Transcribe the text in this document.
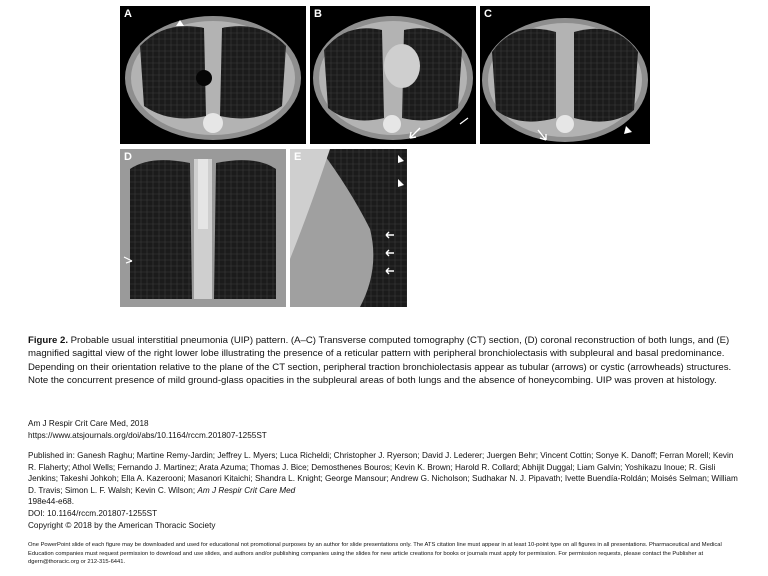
A	B	C
D	E
Figure 2. Probable usual interstitial pneumonia (UIP) pattern. (A–C) Transverse computed tomography (CT) section, (D) coronal reconstruction of both lungs, and (E) magnified sagittal view of the right lower lobe illustrating the presence of a reticular pattern with peripheral bronchiolectasis with subpleural and basal predominance. Depending on their orientation relative to the plane of the CT section, peripheral traction bronchiolectasis appear as tubular (arrows) or cystic (arrowheads) structures. Note the concurrent presence of mild ground-glass opacities in the subpleural areas of both lungs and the absence of honeycombing. UIP was proven at histology.
Am J Respir Crit Care Med, 2018
https://www.atsjournals.org/doi/abs/10.1164/rccm.201807-1255ST
Published in: Ganesh Raghu; Martine Remy-Jardin; Jeffrey L. Myers; Luca Richeldi; Christopher J. Ryerson; David J. Lederer; Juergen Behr; Vincent Cottin; Sonye K. Danoff; Ferran Morell; Kevin R. Flaherty; Athol Wells; Fernando J. Martinez; Arata Azuma; Thomas J. Bice; Demosthenes Bouros; Kevin K. Brown; Harold R. Collard; Abhijit Duggal; Liam Galvin; Yoshikazu Inoue; R. Gisli Jenkins; Takeshi Johkoh; Ella A. Kazerooni; Masanori Kitaichi; Shandra L. Knight; George Mansour; Andrew G. Nicholson; Sudhakar N. J. Pipavath; Ivette Buendía-Roldán; Moisés Selman; William D. Travis; Simon L. F. Walsh; Kevin C. Wilson; Am J Respir Crit Care Med
198e44-e68.
DOI: 10.1164/rccm.201807-1255ST
Copyright © 2018 by the American Thoracic Society
One PowerPoint slide of each figure may be downloaded and used for educational not promotional purposes by an author for slide presentations only. The ATS citation line must appear in at least 10-point type on all figures in all presentations. Pharmaceutical and Medical Education companies must request permission to download and use slides, and authors and/or publishing companies using the slides for new article creations for books or journals must apply for permission. For permission requests, please contact the Publisher at dgern@thoracic.org or 212-315-6441.
